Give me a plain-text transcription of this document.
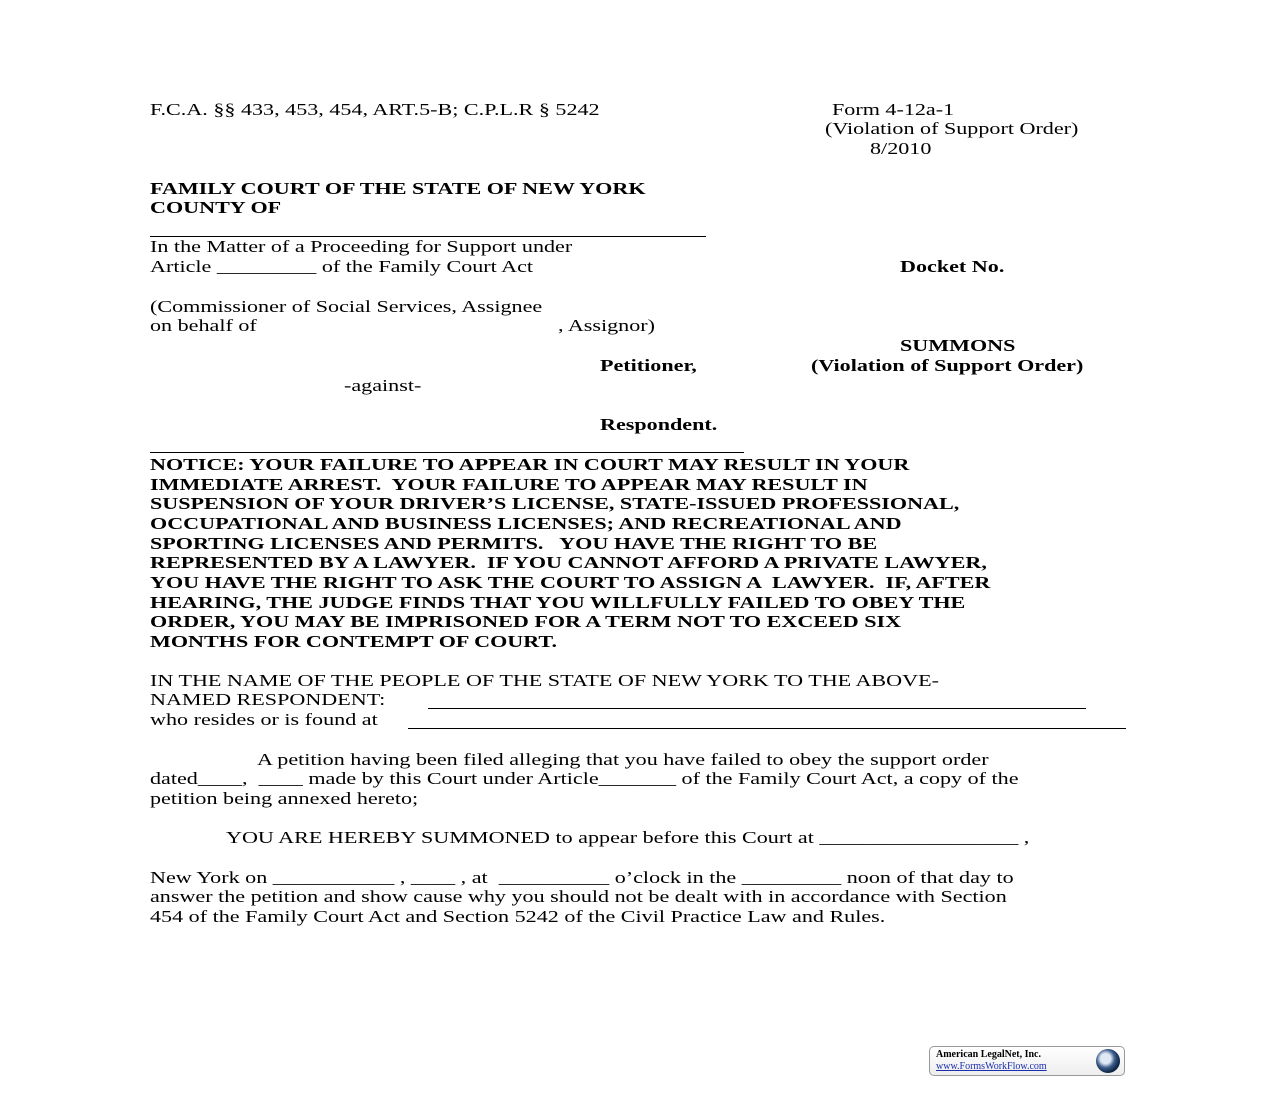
F.C.A. §§ 433, 453, 454, ART.5-B; C.P.L.R § 5242	Form 4-12a-1
(Violation of Support Order)
8/2010
FAMILY COURT OF THE STATE OF NEW YORK
COUNTY OF
In the Matter of a Proceeding for Support under
Article _________ of the Family Court Act	Docket No.
(Commissioner of Social Services, Assignee
on behalf of	, Assignor)
SUMMONS
Petitioner,	(Violation of Support Order)
-against-
Respondent.
NOTICE: YOUR FAILURE TO APPEAR IN COURT MAY RESULT IN YOUR
IMMEDIATE ARREST.  YOUR FAILURE TO APPEAR MAY RESULT IN
SUSPENSION OF YOUR DRIVER’S LICENSE, STATE-ISSUED PROFESSIONAL,
OCCUPATIONAL AND BUSINESS LICENSES; AND RECREATIONAL AND
SPORTING LICENSES AND PERMITS.   YOU HAVE THE RIGHT TO BE
REPRESENTED BY A LAWYER.  IF YOU CANNOT AFFORD A PRIVATE LAWYER,
YOU HAVE THE RIGHT TO ASK THE COURT TO ASSIGN A  LAWYER.  IF, AFTER
HEARING, THE JUDGE FINDS THAT YOU WILLFULLY FAILED TO OBEY THE
ORDER, YOU MAY BE IMPRISONED FOR A TERM NOT TO EXCEED SIX
MONTHS FOR CONTEMPT OF COURT.
IN THE NAME OF THE PEOPLE OF THE STATE OF NEW YORK TO THE ABOVE-
NAMED RESPONDENT:
who resides or is found at
A petition having been filed alleging that you have failed to obey the support order
dated____,  ____ made by this Court under Article_______ of the Family Court Act, a copy of the
petition being annexed hereto;
YOU ARE HEREBY SUMMONED to appear before this Court at __________________ ,
New York on ___________ , ____ , at  __________ o’clock in the _________ noon of that day to
answer the petition and show cause why you should not be dealt with in accordance with Section
454 of the Family Court Act and Section 5242 of the Civil Practice Law and Rules.
American LegalNet, Inc.
www.FormsWorkFlow.com
